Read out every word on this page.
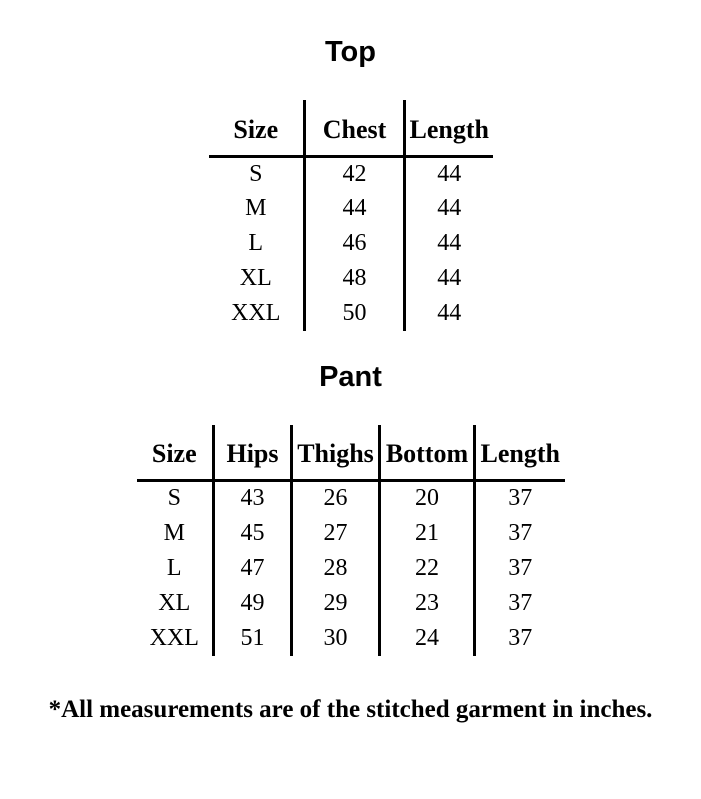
Top
Size	Chest	Length
S	42	44
M	44	44
L	46	44
XL	48	44
XXL	50	44
Pant
Size	Hips	Thighs	Bottom	Length
S	43	26	20	37
M	45	27	21	37
L	47	28	22	37
XL	49	29	23	37
XXL	51	30	24	37
*All measurements are of the stitched garment in inches.
